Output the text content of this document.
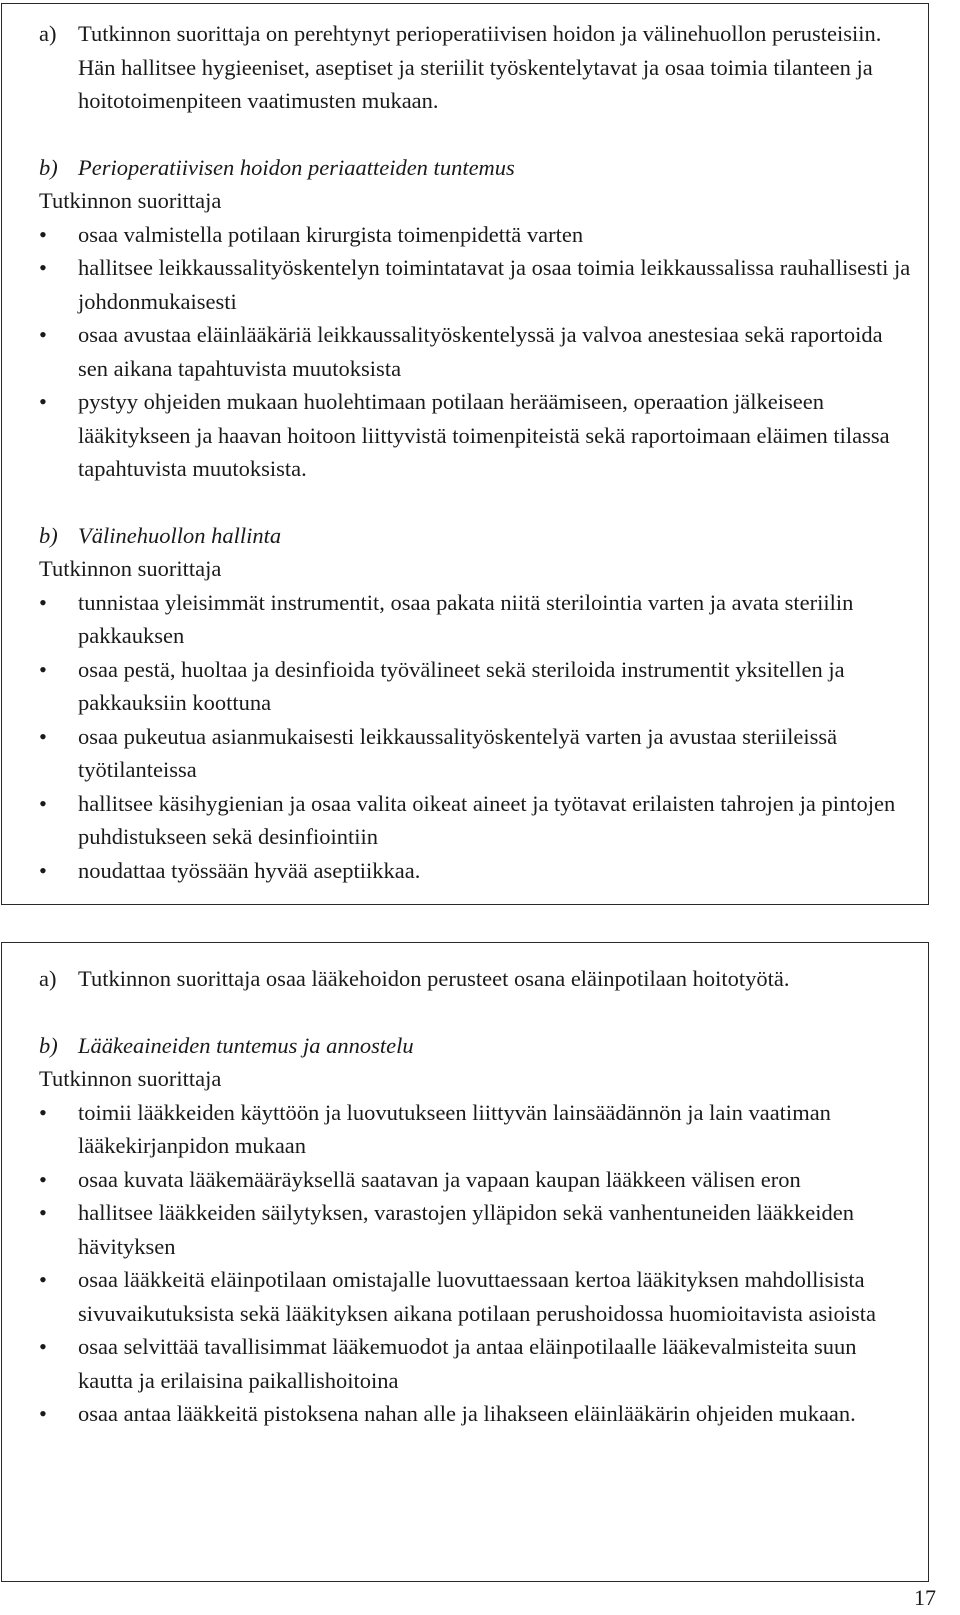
a) Tutkinnon suorittaja on perehtynyt perioperatiivisen hoidon ja välinehuollon perusteisiin. Hän hallitsee hygieeniset, aseptiset ja steriilit työskentelytavat ja osaa toimia tilanteen ja hoitotoimenpiteen vaatimusten mukaan.

b) Perioperatiivisen hoidon periaatteiden tuntemus

Tutkinnon suorittaja

• osaa valmistella potilaan kirurgista toimenpidettä varten
• hallitsee leikkaussalityöskentelyn toimintatavat ja osaa toimia leikkaussalissa rauhallisesti ja johdonmukaisesti
• osaa avustaa eläinlääkäriä leikkaussalityöskentelyssä ja valvoa anestesiaa sekä raportoida sen aikana tapahtuvista muutoksista
• pystyy ohjeiden mukaan huolehtimaan potilaan heräämiseen, operaation jälkeiseen lääkitykseen ja haavan hoitoon liittyvistä toimenpiteistä sekä raportoimaan eläimen tilassa tapahtuvista muutoksista.

b) Välinehuollon hallinta

Tutkinnon suorittaja

• tunnistaa yleisimmät instrumentit, osaa pakata niitä sterilointia varten ja avata steriilin pakkauksen
• osaa pestä, huoltaa ja desinfioida työvälineet sekä steriloida instrumentit yksitellen ja pakkauksiin koottuna
• osaa pukeutua asianmukaisesti leikkaussalityöskentelyä varten ja avustaa steriileissä työtilanteissa
• hallitsee käsihygienian ja osaa valita oikeat aineet ja työtavat erilaisten tahrojen ja pintojen puhdistukseen sekä desinfiointiin
• noudattaa työssään hyvää aseptiikkaa.

a) Tutkinnon suorittaja osaa lääkehoidon perusteet osana eläinpotilaan hoitotyötä.

b) Lääkeaineiden tuntemus ja annostelu

Tutkinnon suorittaja

• toimii lääkkeiden käyttöön ja luovutukseen liittyvän lainsäädännön ja lain vaatiman lääkekirjanpidon mukaan
• osaa kuvata lääkemääräyksellä saatavan ja vapaan kaupan lääkkeen välisen eron
• hallitsee lääkkeiden säilytyksen, varastojen ylläpidon sekä vanhentuneiden lääkkeiden hävityksen
• osaa lääkkeitä eläinpotilaan omistajalle luovuttaessaan kertoa lääkityksen mahdollisista sivuvaikutuksista sekä lääkityksen aikana potilaan perushoidossa huomioitavista asioista
• osaa selvittää tavallisimmat lääkemuodot ja antaa eläinpotilaalle lääkevalmisteita suun kautta ja erilaisina paikallishoitoina
• osaa antaa lääkkeitä pistoksena nahan alle ja lihakseen eläinlääkärin ohjeiden mukaan.
17
